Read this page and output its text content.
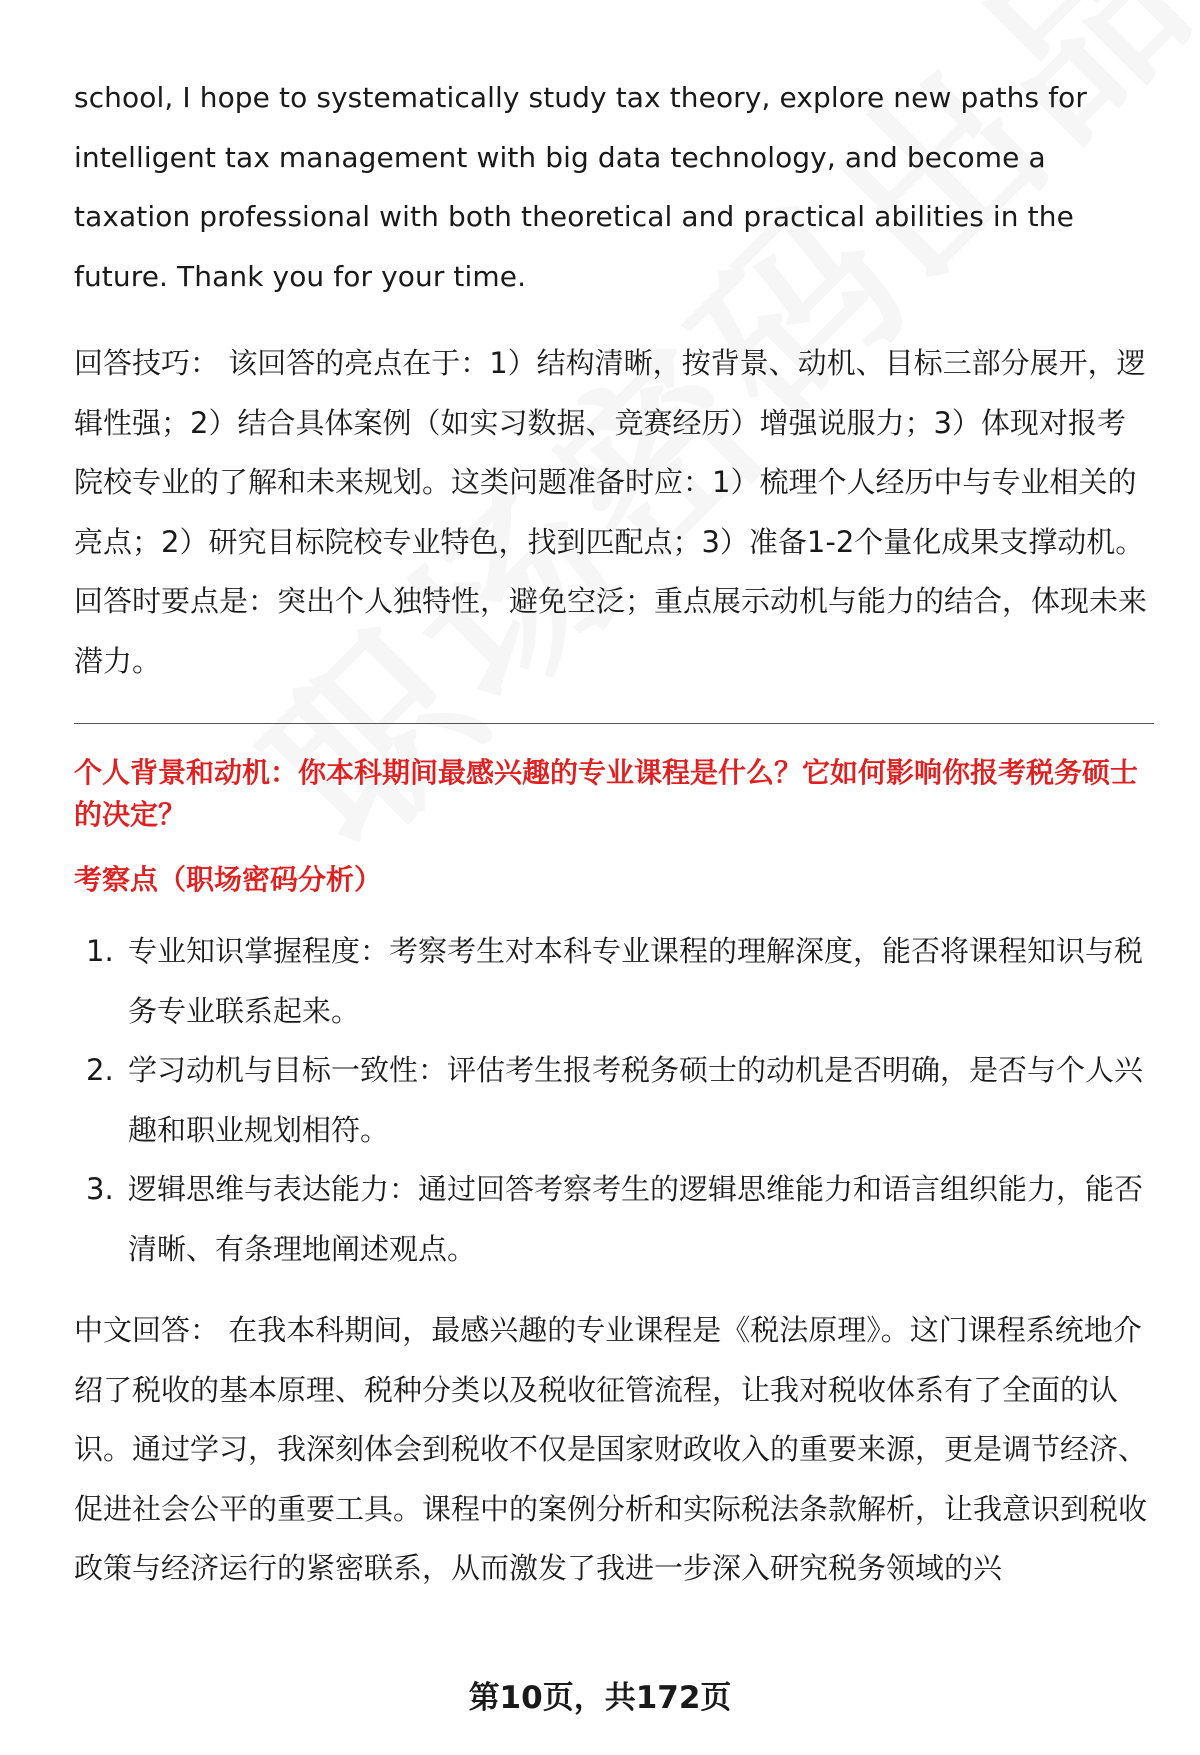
school, I hope to systematically study tax theory, explore new paths for intelligent tax management with big data technology, and become a taxation professional with both theoretical and practical abilities in the future. Thank you for your time.

回答技巧： 该回答的亮点在于：1）结构清晰，按背景、动机、目标三部分展开，逻辑性强；2）结合具体案例（如实习数据、竞赛经历）增强说服力；3）体现对报考院校专业的了解和未来规划。这类问题准备时应：1）梳理个人经历中与专业相关的亮点；2）研究目标院校专业特色，找到匹配点；3）准备1-2个量化成果支撑动机。回答时要点是：突出个人独特性，避免空泛；重点展示动机与能力的结合，体现未来潜力。

个人背景和动机：你本科期间最感兴趣的专业课程是什么？它如何影响你报考税务硕士的决定？

考察点（职场密码分析）

1. 专业知识掌握程度：考察考生对本科专业课程的理解深度，能否将课程知识与税务专业联系起来。
2. 学习动机与目标一致性：评估考生报考税务硕士的动机是否明确，是否与个人兴趣和职业规划相符。
3. 逻辑思维与表达能力：通过回答考察考生的逻辑思维能力和语言组织能力，能否清晰、有条理地阐述观点。

中文回答： 在我本科期间，最感兴趣的专业课程是《税法原理》。这门课程系统地介绍了税收的基本原理、税种分类以及税收征管流程，让我对税收体系有了全面的认识。通过学习，我深刻体会到税收不仅是国家财政收入的重要来源，更是调节经济、促进社会公平的重要工具。课程中的案例分析和实际税法条款解析，让我意识到税收政策与经济运行的紧密联系，从而激发了我进一步深入研究税务领域的兴

第10页，共172页
